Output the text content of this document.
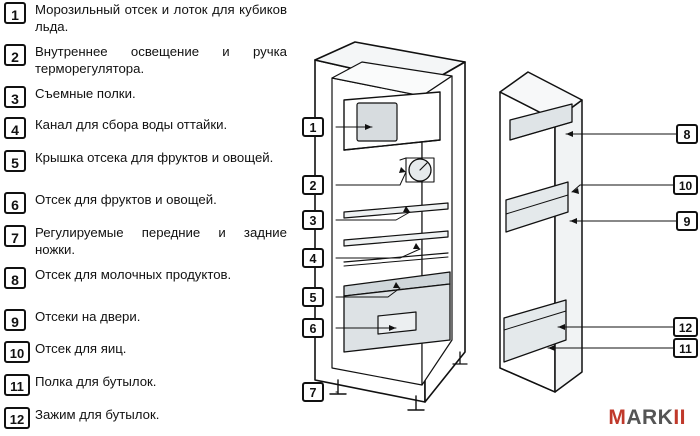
1	Морозильный отсек и лоток для кубиков льда.
2	Внутреннее освещение и ручка терморегулятора.
3	Съемные полки.
4	Канал для сбора воды оттайки.
5	Крышка отсека для фруктов и овощей.
6	Отсек для фруктов и овощей.
7	Регулируемые передние и задние ножки.
8	Отсек для молочных продуктов.
9	Отсеки на двери.
10 Отсек для яиц.
11 Полка для бутылок.
12 Зажим для бутылок.
1
2
3
4
5
6
7
8
10
9
12
11
MARKII
